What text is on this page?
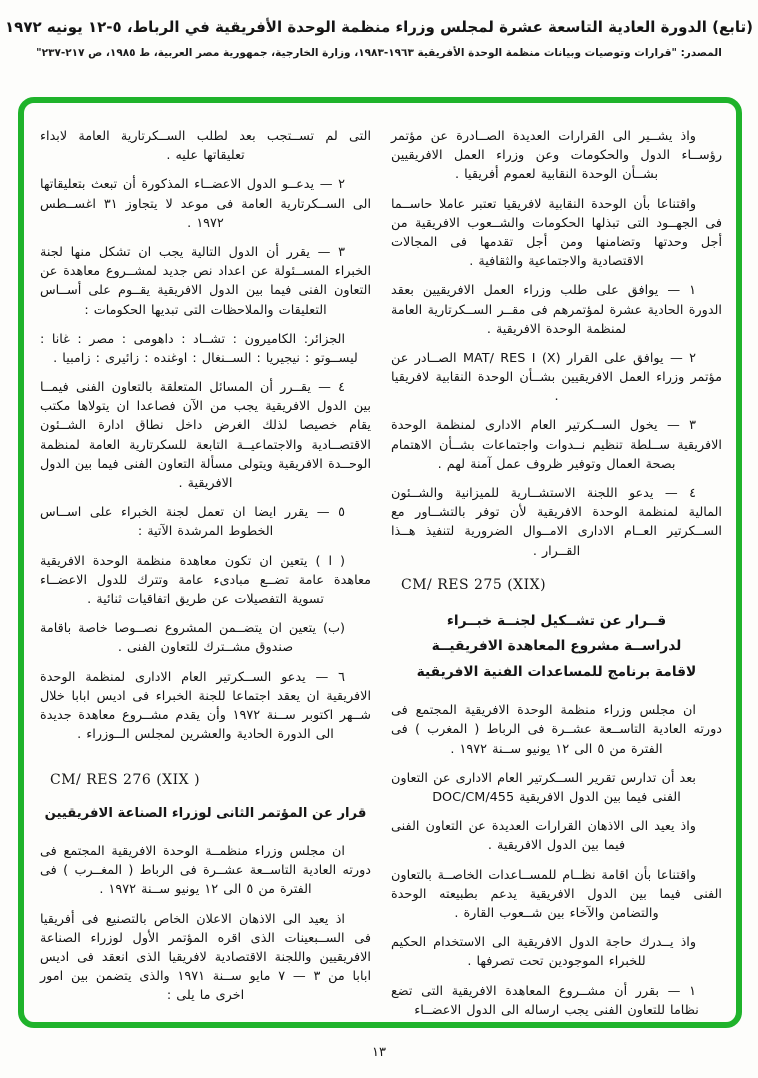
(تابع) الدورة العادية التاسعة عشرة لمجلس وزراء منظمة الوحدة الأفريقية في الرباط، ٥-١٢ يونيه ١٩٧٢
المصدر: "قرارات وتوصيات وبيانات منظمة الوحدة الأفريقية ١٩٦٣-١٩٨٣، وزارة الخارجية، جمهورية مصر العربية، ط ١٩٨٥، ص ٢١٧-٢٣٧"

واذ يشــير الى القرارات العديدة الصــادرة عن مؤتمر رؤســاء الدول والحكومات وعن وزراء العمل الافريقيين بشــأن الوحدة النقابية لعموم أفريقيا .

واقتناعا بأن الوحدة النقابية لافريقيا تعتبر عاملا حاســما فى الجهــود التى تبذلها الحكومات والشــعوب الافريقية من أجل وحدتها وتضامنها ومن أجل تقدمها فى المجالات الاقتصادية والاجتماعية والثقافية .

١ — يوافق على طلب وزراء العمل الافريقيين بعقد الدورة الحادية عشرة لمؤتمرهم فى مقــر الســكرتارية العامة لمنظمة الوحدة الافريقية .

٢ — يوافق على القرار MAT/ RES I (X) الصــادر عن مؤتمر وزراء العمل الافريقيين بشــأن الوحدة النقابية لافريقيا .

٣ — يخول الســكرتير العام الادارى لمنظمة الوحدة الافريقية ســلطة تنظيم نــدوات واجتماعات بشــأن الاهتمام بصحة العمال وتوفير ظروف عمل آمنة لهم .

٤ — يدعو اللجنة الاستشــارية للميزانية والشــئون المالية لمنظمة الوحدة الافريقية لأن توفر بالتشــاور مع الســكرتير العــام الادارى الامــوال الضرورية لتنفيذ هــذا القــرار .

CM/ RES 275 (XIX)

قــرار عن تشــكيل لجنــة خبــراء
لدراســة مشروع المعاهدة الافريقيــة
لاقامة برنامج للمساعدات الفنية الافريقية

ان مجلس وزراء منظمة الوحدة الافريقية المجتمع فى دورته العادية التاســعة عشــرة فى الرباط ( المغرب ) فى الفترة من ٥ الى ١٢ يونيو ســنة ١٩٧٢ .

بعد أن تدارس تقرير الســكرتير العام الادارى عن التعاون الفنى فيما بين الدول الافريقية DOC/CM/455

واذ يعيد الى الاذهان القرارات العديدة عن التعاون الفنى فيما بين الدول الافريقية .

واقتناعا بأن اقامة نظــام للمســاعدات الخاصــة بالتعاون الفنى فيما بين الدول الافريقية يدعم بطبيعته الوحدة والتضامن والآخاء بين شــعوب القارة .

واذ يــدرك حاجة الدول الافريقية الى الاستخدام الحكيم للخبراء الموجودين تحت تصرفها .

١ — بقرر أن مشــروع المعاهدة الافريقية التى تضع نظاما للتعاون الفنى يجب ارساله الى الدول الاعضــاء

التى لم تســتجب بعد لطلب الســكرتارية العامة لابداء تعليقاتها عليه .

٢ — يدعــو الدول الاعضــاء المذكورة أن تبعث بتعليقاتها الى الســكرتارية العامة فى موعد لا يتجاوز ٣١ اغســطس ١٩٧٢ .

٣ — يقرر أن الدول التالية يجب ان تشكل منها لجنة الخبراء المســئولة عن اعداد نص جديد لمشــروع معاهدة عن التعاون الفنى فيما بين الدول الافريقية يقــوم على أســاس التعليقات والملاحظات التى تبديها الحكومات :

الجزائر: الكاميرون : تشــاد : داهومى : مصر : غانا : ليســوتو : نيجيريا : الســنغال : اوغنده : زائيرى : زامبيا .

٤ — يقــرر أن المسائل المتعلقة بالتعاون الفنى فيمــا بين الدول الافريقية يجب من الآن فصاعدا ان يتولاها مكتب يقام خصيصا لذلك الغرض داخل نطاق ادارة الشــئون الاقتصــادية والاجتماعيــة التابعة للسكرتارية العامة لمنظمة الوحــدة الافريقية ويتولى مسألة التعاون الفنى فيما بين الدول الافريقية .

٥ — يقرر ايضا ان تعمل لجنة الخبراء على اســاس الخطوط المرشدة الآتية :

( ا ) يتعين ان تكون معاهدة منظمة الوحدة الافريقية معاهدة عامة تضــع مبادىء عامة وتترك للدول الاعضــاء تسوية التفصيلات عن طريق اتفاقيات ثنائية .

(ب) يتعين ان يتضــمن المشروع نصــوصا خاصة باقامة صندوق مشــترك للتعاون الفنى .

٦ — يدعو الســكرتير العام الادارى لمنظمة الوحدة الافريقية ان يعقد اجتماعا للجنة الخبراء فى اديس ابابا خلال شــهر اكتوبر ســنة ١٩٧٢ وأن يقدم مشــروع معاهدة جديدة الى الدورة الحادية والعشرين لمجلس الــوزراء .

CM/ RES 276 (XIX )

قرار عن المؤتمر الثانى لوزراء الصناعة الافريقيين

ان مجلس وزراء منظمــة الوحدة الافريقية المجتمع فى دورته العادية التاســعة عشــرة فى الرباط ( المغــرب ) فى الفترة من ٥ الى ١٢ يونيو ســنة ١٩٧٢ .

اذ يعيد الى الاذهان الاعلان الخاص بالتصنيع فى أفريقيا فى الســبعينات الذى اقره المؤتمر الأول لوزراء الصناعة الافريقيين واللجنة الاقتصادية لافريقيا الذى انعقد فى اديس ابابا من ٣ — ٧ مايو ســنة ١٩٧١ والذى يتضمن بين امور اخرى ما يلى :

١٣
